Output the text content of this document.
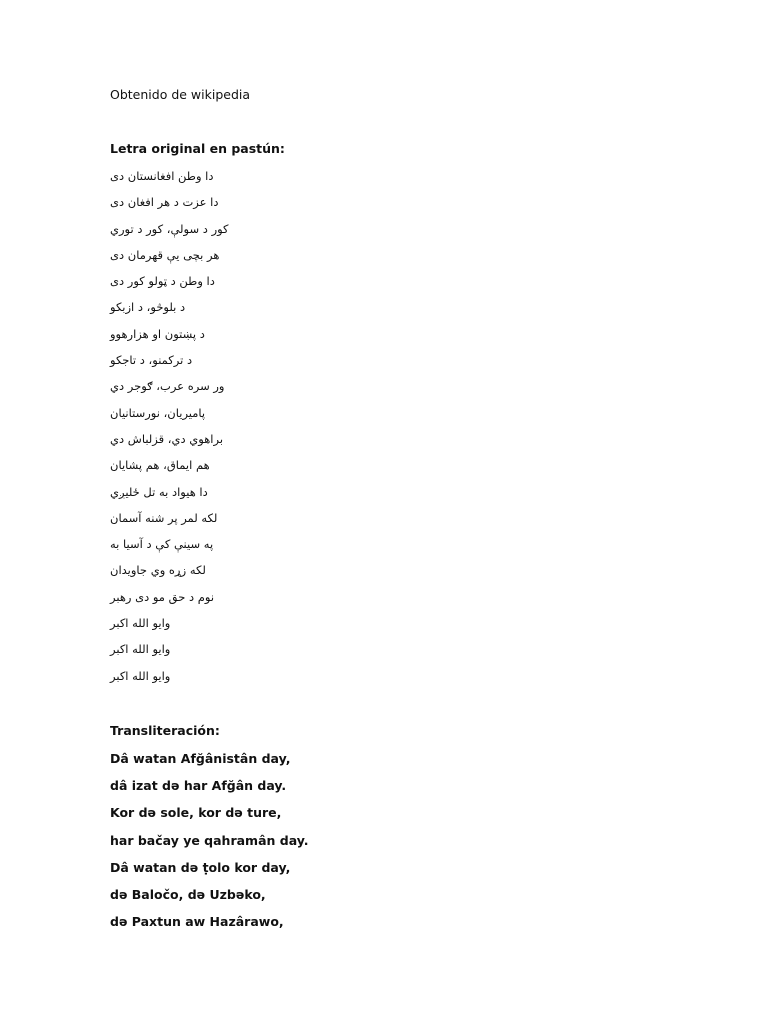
Obtenido de wikipedia
Letra original en pastún:
دا وطن افغانستان دی
دا عزت د هر افغان دی
کور د سولې، کور د توري
هر بچی یې قهرمان دی
دا وطن د ټولو کور دی
د بلوڅو، د ازبکو
د پښتون او هزارهوو
د ترکمنو، د تاجکو
ور سره عرب، ګوجر دي
پامیریان، نورستانیان
براهوي دي، قزلباش دي
هم ایماق، هم پشایان
دا هیواد به تل ځلیږي
لکه لمر پر شنه آسمان
په سینې کې د آسیا به
لکه زړه وي جاویدان
نوم د حق مو دی رهبر
وایو الله اکبر
وایو الله اکبر
وایو الله اکبر
Transliteración:
Dâ watan Afğânistân day,
dâ izat də har Afğân day.
Kor də sole, kor də ture,
har bačay ye qahramân day.
Dâ watan də ṭolo kor day,
də Baločo, də Uzbəko,
də Paxtun aw Hazârawo,
